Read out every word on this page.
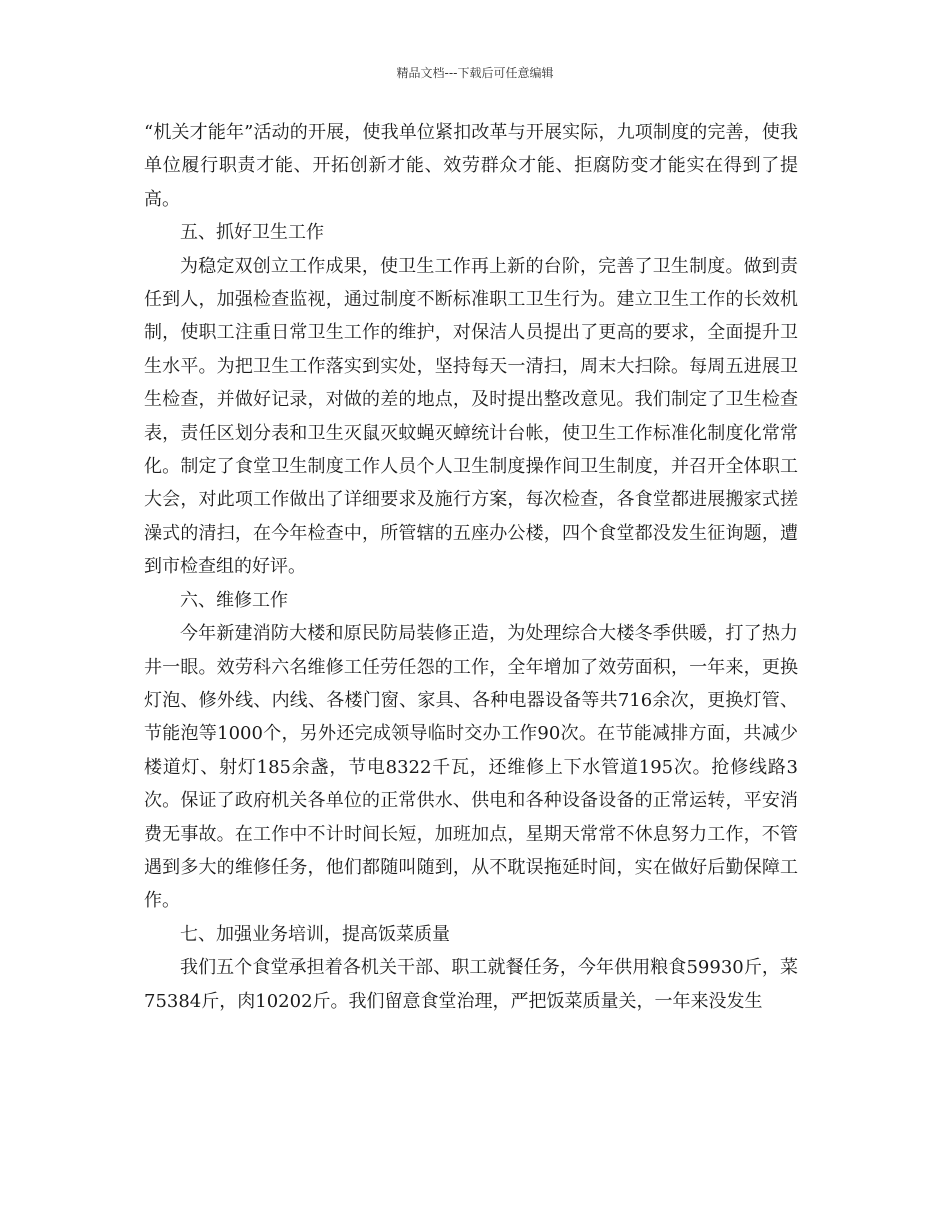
精品文档---下载后可任意编辑

“机关才能年”活动的开展，使我单位紧扣改革与开展实际，九项制度的完善，使我单位履行职责才能、开拓创新才能、效劳群众才能、拒腐防变才能实在得到了提高。

五、抓好卫生工作

为稳定双创立工作成果，使卫生工作再上新的台阶，完善了卫生制度。做到责任到人，加强检查监视，通过制度不断标准职工卫生行为。建立卫生工作的长效机制，使职工注重日常卫生工作的维护，对保洁人员提出了更高的要求，全面提升卫生水平。为把卫生工作落实到实处，坚持每天一清扫，周末大扫除。每周五进展卫生检查，并做好记录，对做的差的地点，及时提出整改意见。我们制定了卫生检查表，责任区划分表和卫生灭鼠灭蚊蝇灭蟑统计台帐，使卫生工作标准化制度化常常化。制定了食堂卫生制度工作人员个人卫生制度操作间卫生制度，并召开全体职工大会，对此项工作做出了详细要求及施行方案，每次检查，各食堂都进展搬家式搓澡式的清扫，在今年检查中，所管辖的五座办公楼，四个食堂都没发生征询题，遭到市检查组的好评。

六、维修工作

今年新建消防大楼和原民防局装修正造，为处理综合大楼冬季供暖，打了热力井一眼。效劳科六名维修工任劳任怨的工作，全年增加了效劳面积，一年来，更换灯泡、修外线、内线、各楼门窗、家具、各种电器设备等共716余次，更换灯管、节能泡等1000个，另外还完成领导临时交办工作90次。在节能减排方面，共减少楼道灯、射灯185余盏，节电8322千瓦，还维修上下水管道195次。抢修线路3次。保证了政府机关各单位的正常供水、供电和各种设备设备的正常运转，平安消费无事故。在工作中不计时间长短，加班加点，星期天常常不休息努力工作，不管遇到多大的维修任务，他们都随叫随到，从不耽误拖延时间，实在做好后勤保障工作。

七、加强业务培训，提高饭菜质量

我们五个食堂承担着各机关干部、职工就餐任务，今年供用粮食59930斤，菜75384斤，肉10202斤。我们留意食堂治理，严把饭菜质量关，一年来没发生
